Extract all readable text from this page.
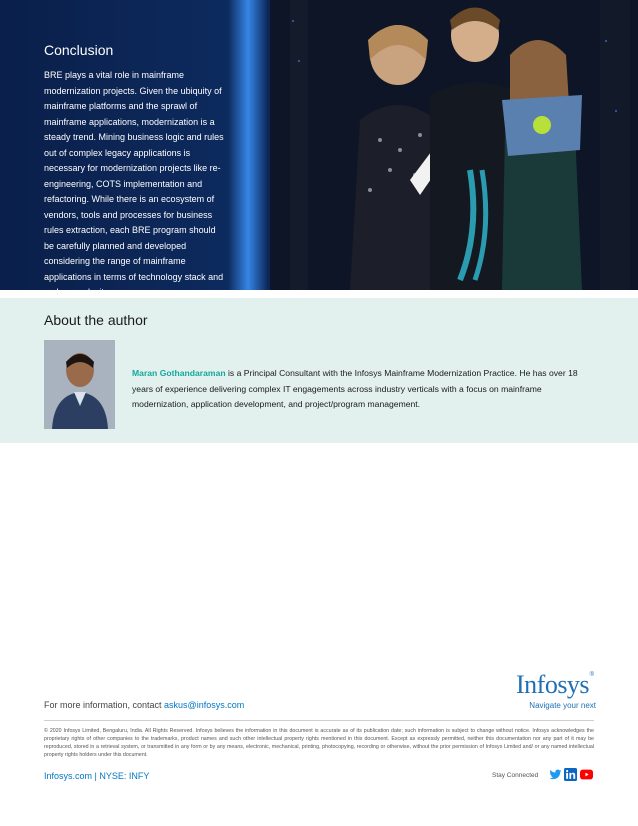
Conclusion

BRE plays a vital role in mainframe modernization projects. Given the ubiquity of mainframe platforms and the sprawl of mainframe applications, modernization is a steady trend. Mining business logic and rules out of complex legacy applications is necessary for modernization projects like re-engineering, COTS implementation and refactoring. While there is an ecosystem of vendors, tools and processes for business rules extraction, each BRE program should be carefully planned and developed considering the range of mainframe applications in terms of technology stack and code complexity.

About the author
Maran Gothandaraman is a Principal Consultant with the Infosys Mainframe Modernization Practice. He has over 18 years of experience delivering complex IT engagements across industry verticals with a focus on mainframe modernization, application development, and project/program management.
For more information, contact askus@infosys.com
Infosys ®
Navigate your next
© 2020 Infosys Limited, Bengaluru, India. All Rights Reserved. Infosys believes the information in this document is accurate as of its publication date; such information is subject to change without notice. Infosys acknowledges the proprietary rights of other companies to the trademarks, product names and such other intellectual property rights mentioned in this document. Except as expressly permitted, neither this documentation nor any part of it may be reproduced, stored in a retrieval system, or transmitted in any form or by any means, electronic, mechanical, printing, photocopying, recording or otherwise, without the prior permission of Infosys Limited and/ or any named intellectual property rights holders under this document.
Infosys.com | NYSE: INFY	Stay Connected
